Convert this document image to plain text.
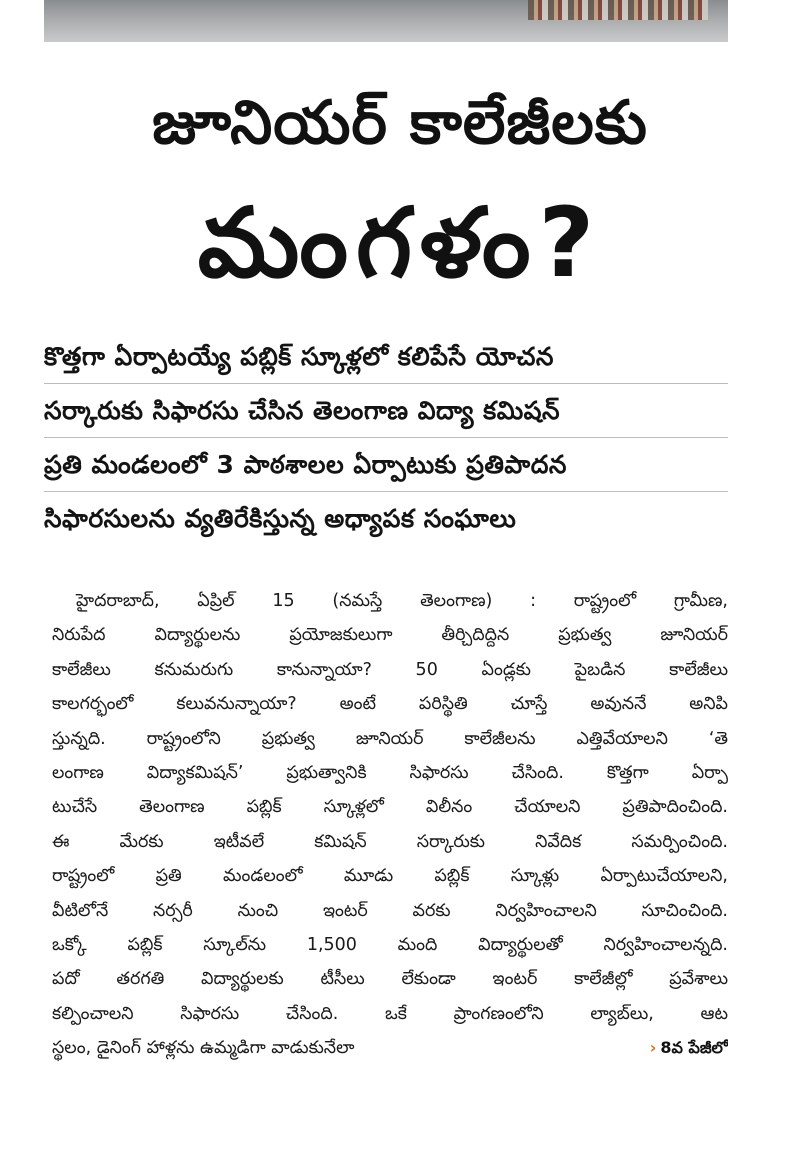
జూనియర్ కాలేజీలకు
మంగళం?
కొత్తగా ఏర్పాటయ్యే పబ్లిక్ స్కూళ్లలో కలిపేసే యోచన
సర్కారుకు సిఫారసు చేసిన తెలంగాణ విద్యా కమిషన్
ప్రతి మండలంలో 3 పాఠశాలల ఏర్పాటుకు ప్రతిపాదన
సిఫారసులను వ్యతిరేకిస్తున్న అధ్యాపక సంఘాలు
హైదరాబాద్, ఏప్రిల్ 15 (నమస్తే తెలంగాణ) : రాష్ట్రంలో గ్రామీణ,
నిరుపేద విద్యార్థులను ప్రయోజకులుగా తీర్చిదిద్దిన ప్రభుత్వ జూనియర్
కాలేజీలు కనుమరుగు కానున్నాయా? 50 ఏండ్లకు పైబడిన కాలేజీలు
కాలగర్భంలో కలువనున్నాయా? అంటే పరిస్థితి చూస్తే అవుననే అనిపి
స్తున్నది. రాష్ట్రంలోని ప్రభుత్వ జూనియర్ కాలేజీలను ఎత్తివేయాలని ‘తె
లంగాణ విద్యాకమిషన్’ ప్రభుత్వానికి సిఫారసు చేసింది. కొత్తగా ఏర్పా
టుచేసే తెలంగాణ పబ్లిక్ స్కూళ్లలో విలీనం చేయాలని ప్రతిపాదించింది.
ఈ మేరకు ఇటీవలే కమిషన్ సర్కారుకు నివేదిక సమర్పించింది.
రాష్ట్రంలో ప్రతి మండలంలో మూడు పబ్లిక్ స్కూళ్లు ఏర్పాటుచేయాలని,
వీటిలోనే నర్సరీ నుంచి ఇంటర్ వరకు నిర్వహించాలని సూచించింది.
ఒక్కో పబ్లిక్ స్కూల్‌ను 1,500 మంది విద్యార్థులతో నిర్వహించాలన్నది.
పదో తరగతి విద్యార్థులకు టీసీలు లేకుండా ఇంటర్ కాలేజీల్లో ప్రవేశాలు
కల్పించాలని సిఫారసు చేసింది. ఒకే ప్రాంగణంలోని ల్యాబ్‌లు, ఆట
స్థలం, డైనింగ్ హాళ్లను ఉమ్మడిగా వాడుకునేలా	› 8వ పేజీలో
